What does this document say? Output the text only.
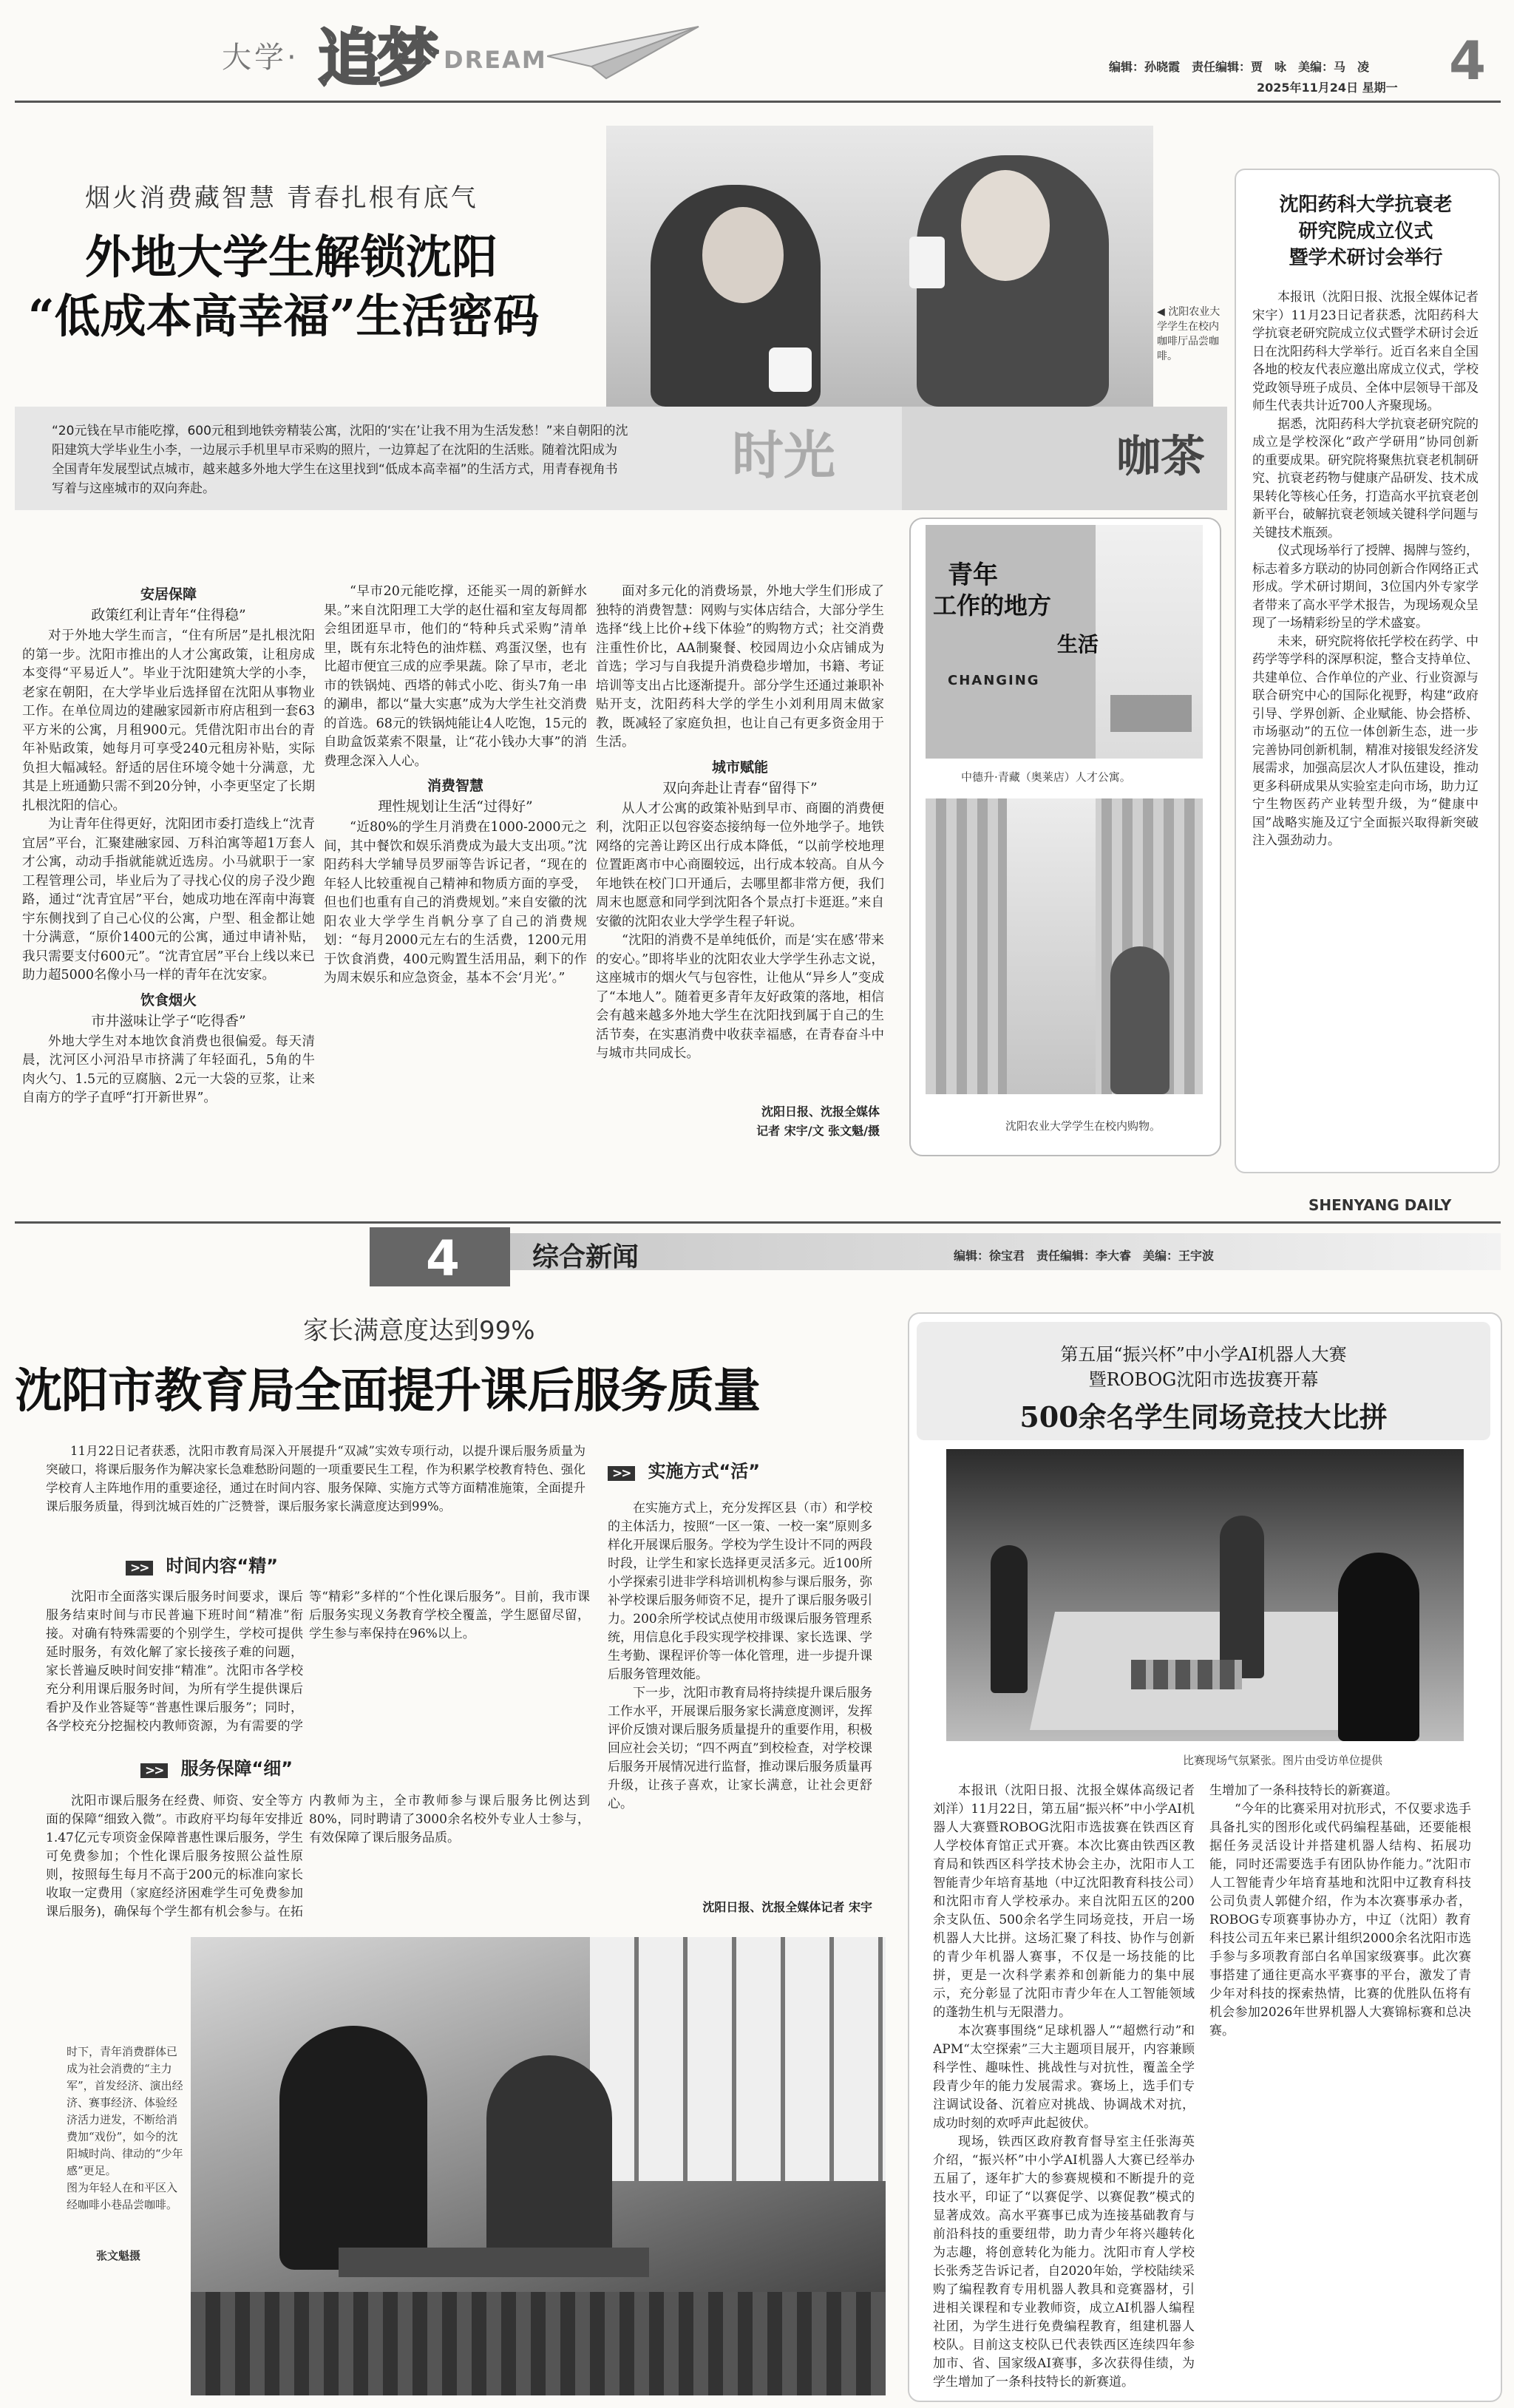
大学· 追梦 DREAM	编辑：孙晓霞　责任编辑：贾　咏　美编：马　凌
2025年11月24日 星期一 4
烟火消费藏智慧 青春扎根有底气
外地大学生解锁沈阳
“低成本高幸福”生活密码	◀ 沈阳农业大学学生在校内咖啡厅品尝咖啡。
时光	咖茶
“20元钱在早市能吃撑，600元租到地铁旁精装公寓，沈阳的‘实在’让我不用为生活发愁！”来自朝阳的沈阳建筑大学毕业生小李，一边展示手机里早市采购的照片，一边算起了在沈阳的生活账。随着沈阳成为全国青年发展型试点城市，越来越多外地大学生在这里找到“低成本高幸福”的生活方式，用青春视角书写着与这座城市的双向奔赴。
安居保障
政策红利让青年“住得稳”

对于外地大学生而言，“住有所居”是扎根沈阳的第一步。沈阳市推出的人才公寓政策，让租房成本变得“平易近人”。毕业于沈阳建筑大学的小李，老家在朝阳，在大学毕业后选择留在沈阳从事物业工作。在单位周边的建融家园新市府店租到一套63平方米的公寓，月租900元。凭借沈阳市出台的青年补贴政策，她每月可享受240元租房补贴，实际负担大幅减轻。舒适的居住环境令她十分满意，尤其是上班通勤只需不到20分钟，小李更坚定了长期扎根沈阳的信心。

为让青年住得更好，沈阳团市委打造线上“沈青宜居”平台，汇聚建融家园、万科泊寓等超1万套人才公寓，动动手指就能就近选房。小马就职于一家工程管理公司，毕业后为了寻找心仪的房子没少跑路，通过“沈青宜居”平台，她成功地在浑南中海寰宇东侧找到了自己心仪的公寓，户型、租金都让她十分满意，“原价1400元的公寓，通过申请补贴，我只需要支付600元”。“沈青宜居”平台上线以来已助力超5000名像小马一样的青年在沈安家。

饮食烟火
市井滋味让学子“吃得香”

外地大学生对本地饮食消费也很偏爱。每天清晨，沈河区小河沿早市挤满了年轻面孔，5角的牛肉火勺、1.5元的豆腐脑、2元一大袋的豆浆，让来自南方的学子直呼“打开新世界”。

“早市20元能吃撑，还能买一周的新鲜水果。”来自沈阳理工大学的赵仕福和室友每周都会组团逛早市，他们的“特种兵式采购”清单里，既有东北特色的油炸糕、鸡蛋汉堡，也有比超市便宜三成的应季果蔬。除了早市，老北市的铁锅炖、西塔的韩式小吃、街头7角一串的涮串，都以“量大实惠”成为大学生社交消费的首选。68元的铁锅炖能让4人吃饱，15元的自助盒饭菜索不限量，让“花小钱办大事”的消费理念深入人心。

消费智慧
理性规划让生活“过得好”

“近80%的学生月消费在1000-2000元之间，其中餐饮和娱乐消费成为最大支出项。”沈阳药科大学辅导员罗丽等告诉记者，“现在的年轻人比较重视自己精神和物质方面的享受，但也们也重有自己的消费规划。”来自安徽的沈阳农业大学学生肖帆分享了自己的消费规划：“每月2000元左右的生活费，1200元用于饮食消费，400元购置生活用品，剩下的作为周末娱乐和应急资金，基本不会‘月光’。”

面对多元化的消费场景，外地大学生们形成了独特的消费智慧：网购与实体店结合，大部分学生选择“线上比价+线下体验”的购物方式；社交消费注重性价比，AA制聚餐、校园周边小众店铺成为首选；学习与自我提升消费稳步增加，书籍、考证培训等支出占比逐渐提升。部分学生还通过兼职补贴开支，沈阳药科大学的学生小刘利用周末做家教，既减轻了家庭负担，也让自己有更多资金用于生活。

城市赋能
双向奔赴让青春“留得下”

从人才公寓的政策补贴到早市、商圈的消费便利，沈阳正以包容姿态接纳每一位外地学子。地铁网络的完善让跨区出行成本降低，“以前学校地理位置距离市中心商圈较远，出行成本较高。自从今年地铁在校门口开通后，去哪里都非常方便，我们周末也愿意和同学到沈阳各个景点打卡逛逛。”来自安徽的沈阳农业大学学生程子轩说。

“沈阳的消费不是单纯低价，而是‘实在感’带来的安心。”即将毕业的沈阳农业大学学生孙志文说，这座城市的烟火气与包容性，让他从“异乡人”变成了“本地人”。随着更多青年友好政策的落地，相信会有越来越多外地大学生在沈阳找到属于自己的生活节奏，在实惠消费中收获幸福感，在青春奋斗中与城市共同成长。

沈阳日报、沈报全媒体
记者 宋宇/文 张文魁/摄
青年
工作的地方
生活
CHANGING
中德升·青藏（奥莱店）人才公寓。
沈阳农业大学学生在校内购物。
沈阳药科大学抗衰老
研究院成立仪式
暨学术研讨会举行

本报讯（沈阳日报、沈报全媒体记者宋宇）11月23日记者获悉，沈阳药科大学抗衰老研究院成立仪式暨学术研讨会近日在沈阳药科大学举行。近百名来自全国各地的校友代表应邀出席成立仪式，学校党政领导班子成员、全体中层领导干部及师生代表共计近700人齐聚现场。

据悉，沈阳药科大学抗衰老研究院的成立是学校深化“政产学研用”协同创新的重要成果。研究院将聚焦抗衰老机制研究、抗衰老药物与健康产品研发、技术成果转化等核心任务，打造高水平抗衰老创新平台，破解抗衰老领域关键科学问题与关键技术瓶颈。

仪式现场举行了授牌、揭牌与签约，标志着多方联动的协同创新合作网络正式形成。学术研讨期间，3位国内外专家学者带来了高水平学术报告，为现场观众呈现了一场精彩纷呈的学术盛宴。

未来，研究院将依托学校在药学、中药学等学科的深厚积淀，整合支持单位、共建单位、合作单位的产业、行业资源与联合研究中心的国际化视野，构建“政府引导、学界创新、企业赋能、协会搭桥、市场驱动”的五位一体创新生态，进一步完善协同创新机制，精准对接银发经济发展需求，加强高层次人才队伍建设，推动更多科研成果从实验室走向市场，助力辽宁生物医药产业转型升级，为“健康中国”战略实施及辽宁全面振兴取得新突破注入强劲动力。

SHENYANG DAILY
4	综合新闻	编辑：徐宝君　责任编辑：李大睿　美编：王宇波
家长满意度达到99%
沈阳市教育局全面提升课后服务质量
11月22日记者获悉，沈阳市教育局深入开展提升“双减”实效专项行动，以提升课后服务质量为突破口，将课后服务作为解决家长急难愁盼问题的一项重要民生工程，作为积累学校教育特色、强化学校育人主阵地作用的重要途径，通过在时间内容、服务保障、实施方式等方面精准施策，全面提升课后服务质量，得到沈城百姓的广泛赞誉，课后服务家长满意度达到99%。
>> 时间内容“精”

沈阳市全面落实课后服务时间要求，课后服务结束时间与市民普遍下班时间“精准”衔接。对确有特殊需要的个别学生，学校可提供延时服务，有效化解了家长接孩子难的问题，家长普遍反映时间安排“精准”。沈阳市各学校充分利用课后服务时间，为所有学生提供课后看护及作业答疑等“普惠性课后服务”；同时，各学校充分挖掘校内教师资源，为有需要的学

等“精彩”多样的“个性化课后服务”。目前，我市课后服务实现义务教育学校全覆盖，学生愿留尽留，学生参与率保持在96%以上。

>> 服务保障“细”

沈阳市课后服务在经费、师资、安全等方面的保障“细致入微”。市政府平均每年安排近1.47亿元专项资金保障普惠性课后服务，学生可免费参加；个性化课后服务按照公益性原则，按照每生每月不高于200元的标准向家长收取一定费用（家庭经济困难学生可免费参加课后服务)，确保每个学生都有机会参与。在拓

内教师为主，全市教师参与课后服务比例达到80%，同时聘请了3000余名校外专业人士参与，有效保障了课后服务品质。

>> 实施方式“活”

在实施方式上，充分发挥区县（市）和学校的主体活力，按照“一区一策、一校一案”原则多样化开展课后服务。学校为学生设计不同的两段时段，让学生和家长选择更灵活多元。近100所小学探索引进非学科培训机构参与课后服务，弥补学校课后服务师资不足，提升了课后服务吸引力。200余所学校试点使用市级课后服务管理系统，用信息化手段实现学校排课、家长选课、学生考勤、课程评价等一体化管理，进一步提升课后服务管理效能。

下一步，沈阳市教育局将持续提升课后服务工作水平，开展课后服务家长满意度测评，发挥评价反馈对课后服务质量提升的重要作用，积极回应社会关切；“四不两直”到校检查，对学校课后服务开展情况进行监督，推动课后服务质量再升级，让孩子喜欢，让家长满意，让社会更舒心。

沈阳日报、沈报全媒体记者 宋宇
时下，青年消费群体已成为社会消费的“主力军”，首发经济、演出经济、赛事经济、体验经济活力迸发，不断给消费加“戏份”，如今的沈阳城时尚、律动的“少年感”更足。
图为年轻人在和平区入经咖啡小巷品尝咖啡。
张文魁摄
第五届“振兴杯”中小学AI机器人大赛
暨ROBOG沈阳市选拔赛开幕
500余名学生同场竞技大比拼
比赛现场气氛紧张。图片由受访单位提供

本报讯（沈阳日报、沈报全媒体高级记者刘洋）11月22日，第五届“振兴杯”中小学AI机器人大赛暨ROBOG沈阳市选拔赛在铁西区育人学校体育馆正式开赛。本次比赛由铁西区教育局和铁西区科学技术协会主办，沈阳市人工智能青少年培育基地（中辽沈阳教育科技公司）和沈阳市育人学校承办。来自沈阳五区的200余支队伍、500余名学生同场竞技，开启一场机器人大比拼。这场汇聚了科技、协作与创新的青少年机器人赛事，不仅是一场技能的比拼，更是一次科学素养和创新能力的集中展示，充分彰显了沈阳市青少年在人工智能领域的蓬勃生机与无限潜力。

本次赛事围绕“足球机器人”“超燃行动”和APM“太空探索”三大主题项目展开，内容兼顾科学性、趣味性、挑战性与对抗性，覆盖全学段青少年的能力发展需求。赛场上，选手们专注调试设备、沉着应对挑战、协调战术对抗，成功时刻的欢呼声此起彼伏。

现场，铁西区政府教育督导室主任张海英介绍，“振兴杯”中小学AI机器人大赛已经举办五届了，逐年扩大的参赛规模和不断提升的竞技水平，印证了“以赛促学、以赛促教”模式的显著成效。高水平赛事已成为连接基础教育与前沿科技的重要纽带，助力青少年将兴趣转化为志趣，将创意转化为能力。沈阳市育人学校长张秀芝告诉记者，自2020年始，学校陆续采购了编程教育专用机器人教具和竞赛器材，引进相关课程和专业教师资，成立AI机器人编程社团，为学生进行免费编程教育，组建机器人校队。目前这支校队已代表铁西区连续四年参加市、省、国家级AI赛事，多次获得佳绩，为学生增加了一条科技特长的新赛道。

生增加了一条科技特长的新赛道。

“今年的比赛采用对抗形式，不仅要求选手具备扎实的图形化或代码编程基础，还要能根据任务灵活设计并搭建机器人结构、拓展功能，同时还需要选手有团队协作能力。”沈阳市人工智能青少年培育基地和沈阳中辽教育科技公司负责人郭健介绍，作为本次赛事承办者，ROBOG专项赛事协办方，中辽（沈阳）教育科技公司五年来已累计组织2000余名沈阳市选手参与多项教育部白名单国家级赛事。此次赛事搭建了通往更高水平赛事的平台，激发了青少年对科技的探索热情，比赛的优胜队伍将有机会参加2026年世界机器人大赛锦标赛和总决赛。
